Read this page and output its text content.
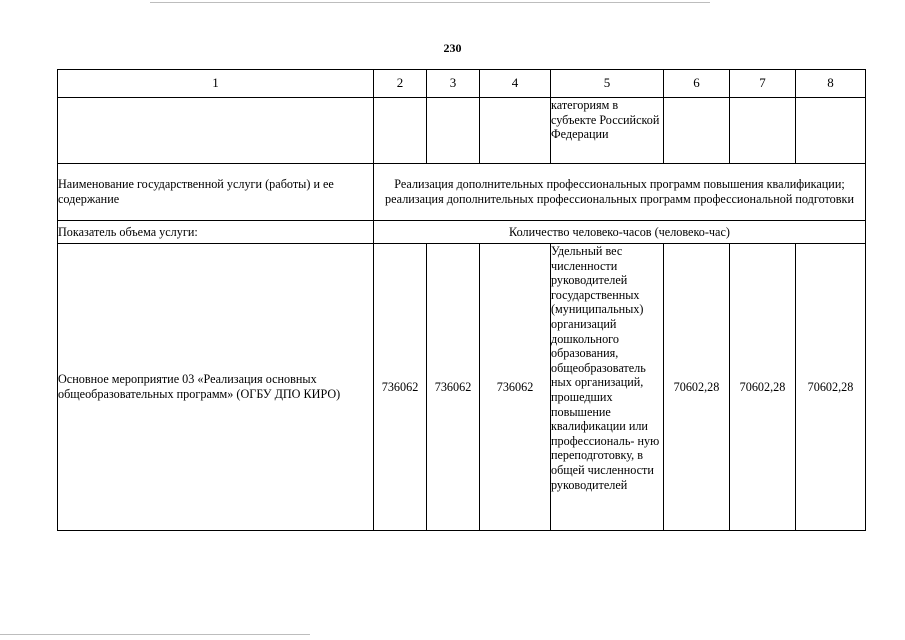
230
1	2	3	4	5	6	7	8
				категориям в субъекте Российской Федерации			
Наименование государственной услуги (работы) и ее содержание	Реализация дополнительных профессиональных программ повышения квалификации; реализация дополнительных профессиональных программ профессиональной подготовки						
Показатель объема услуги:	Количество человеко-часов (человеко-час)						
Основное мероприятие 03 «Реализация основных общеобразовательных программ» (ОГБУ ДПО КИРО)	736062	736062	736062	Удельный вес численности руководителей государственных (муниципальных) организаций дошкольного образования, общеобразователь ных организаций, прошедших повышение квалификации или профессиональ- ную переподготовку, в общей численности руководителей	70602,28	70602,28	70602,28
